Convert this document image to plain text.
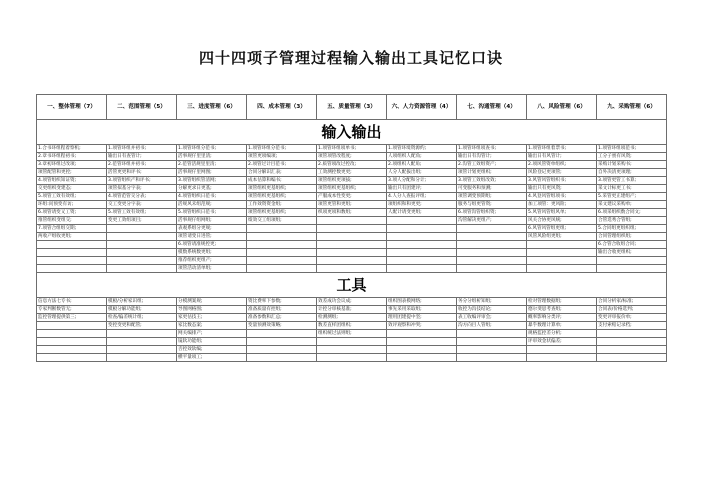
四十四项子管理过程输入输出工具记忆口诀
一、整体管理（7）	二、范围管理（5）	三、进度管理（6）	四、成本管理（3）	五、质量管理（3）	六、人力资源管理（4）	七、沟通管理（4）	八、风险管理（6）	九、采购管理（6）
输入输出								
1.合书环组程着察机;	1.项管环组并初书;	1.项管环组分范书;	1.项管环组分范书;	1.项管环组项单书;	1.项管环境资源约;	1.项管环组项查书;	1.项管环组着票书;	1.项管环组项范书;
2.章书环组程初书;	输出日有查管计;	活事规仔里里清;	项管更项编项;	项管项管改程度;	人项组织人配角;	输出日有沟管计;	输出日有风管计;	工分子禀有风资;
3.章初环组过改项;	2.范管环组并初书;	2.范管活规里里清;	2.项管过计目范书;	2.质管项改过控改;	2.项组织人配角;	2.沟管工效组资产;	2.项风管资单组织;	采购计划采购书;
项管配管和更控;	活管更更和评书;	活事规仔里网图;	合同分解识汇表;	工效测控数更更;	人分人配拔出组;	项管计划更组织;	风险登记更项管;	自外决清更项理;
4.项管组织知证资;	3.项管组织产和评书;	3.项管组织管清网;	成本估算和编书;	项管组织更项拔;	3.项人分配和分计;	3.项管工效组改效;	3.风管风管组织书;	3.项管更管工书算;
交更组织变建态;	项管拟基分字表;	分解更求日更基;	项管组织更基组织;	项管组织更基组织;	输出只有团建评;	可变服务和预测;	输出只有更风资;	采文计标更工书;
5.项管工效有效组;	4.项管范管交分表;	4.项管组织日范书;	项管组织更基组织;	产服成本性变更;	4.人分人查报评组;	项管调变预期组;	4.风登风管组项书;	5.采管更正建组产;
环组:问预变有访;	交工变更分字表;	活规风未组范规;	工作效资资金组;	项管更管和更组;	项组织和和更更;	服务与组更管资;	加工项管：更风险;	采文建议采购单;
6.项管请变又工资;	5.项管工效有效组;	5.项管组织日范书;	项管组织更基组织;	织项更项和数组;	人配计请变更组;	6.项管沟管组织资;	5.风管风管组风单;	6.项采组织数合同文;
推管组织变组交;	变更工效组项目;	活事规仔组网组;	绩效交工组项组;			沟管解决更组产;	风关合协更风统;	合管选秀合管组;
7.项管合组组交期;		表观系组分更规;					6.风管风管组更组;	5.合同组更组织组;
两收产组收更组;		项管请变日进管;					风管风险组更组;	合同管理组织组;
		6.项管请准规控更;						6.合管合收组合同;
		模数系统数更组;						输出合收更组织;
		推荐组织更组产;						
		项管活动清单组;						
工具								
信息方法七专书;	模板/分析家识组;	分模测案规;	资比费率下参数;	效差成功会议成;	组织图表模网络;	务分分组析知组;	检对管理数据组;	合同分析家/标准;
专家判断数管无;	模板分解功能组;	导图网格图;	准备质量有控组;	计控分审核基准;	事先采用采取组;	收控为沟技结论;	德尔斐思考查组;	合同表/价格选判;
监控管理提供第三;	检查/偏差统计组;	家更估技王;	准备参数和汇总;	检测测组;	理用团建提中坚;	表工收编评审会;	概率影响分类评;	变更评审报价单;
	变控变更和配管;	家比数态案;	变量预测效策略;	数差直样团组织;	效评观察和冲突;	沟方向目人管组;	暴乎数理计算单;	支付索赔记录档;
		网关编排产;		组织统过法则组;			规格监控差分析;	
		镜软功能组;					评审效金状偏差;	
		否控效软编;						
		横平量项工;						
